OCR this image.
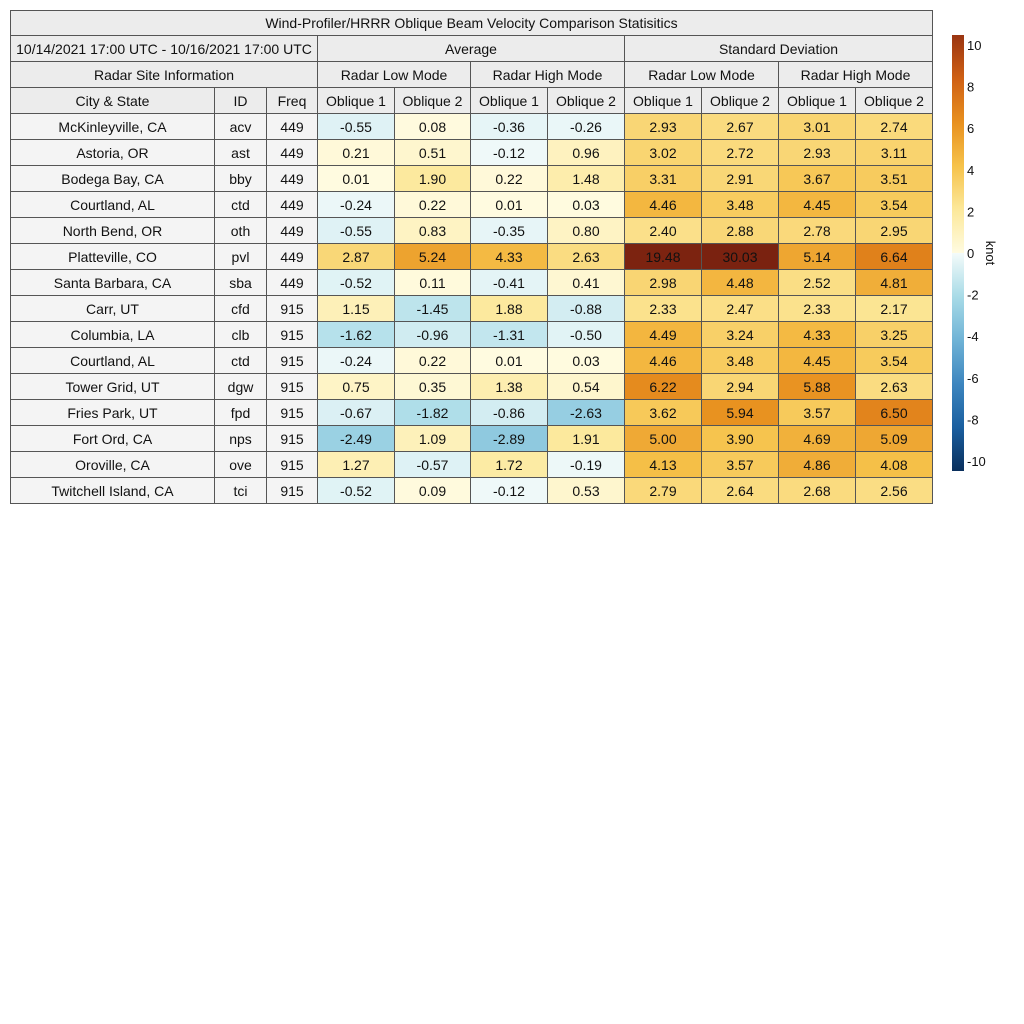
Wind-Profiler/HRRR Oblique Beam Velocity Comparison Statisitics										
10/14/2021 17:00 UTC - 10/16/2021 17:00 UTC			Average				Standard Deviation			
Radar Site Information										
			Radar Low Mode		Radar High Mode		Radar Low Mode		Radar High Mode	
City & State	ID	Freq	Oblique 1	Oblique 2	Oblique 1	Oblique 2	Oblique 1	Oblique 2	Oblique 1	Oblique 2
McKinleyville, CA	acv	449	-0.55	0.08	-0.36	-0.26	2.93	2.67	3.01	2.74
Astoria, OR	ast	449	0.21	0.51	-0.12	0.96	3.02	2.72	2.93	3.11
Bodega Bay, CA	bby	449	0.01	1.90	0.22	1.48	3.31	2.91	3.67	3.51
Courtland, AL	ctd	449	-0.24	0.22	0.01	0.03	4.46	3.48	4.45	3.54
North Bend, OR	oth	449	-0.55	0.83	-0.35	0.80	2.40	2.88	2.78	2.95
Platteville, CO	pvl	449	2.87	5.24	4.33	2.63	19.48	30.03	5.14	6.64
Santa Barbara, CA	sba	449	-0.52	0.11	-0.41	0.41	2.98	4.48	2.52	4.81
Carr, UT	cfd	915	1.15	-1.45	1.88	-0.88	2.33	2.47	2.33	2.17
Columbia, LA	clb	915	-1.62	-0.96	-1.31	-0.50	4.49	3.24	4.33	3.25
Courtland, AL	ctd	915	-0.24	0.22	0.01	0.03	4.46	3.48	4.45	3.54
Tower Grid, UT	dgw	915	0.75	0.35	1.38	0.54	6.22	2.94	5.88	2.63
Fries Park, UT	fpd	915	-0.67	-1.82	-0.86	-2.63	3.62	5.94	3.57	6.50
Fort Ord, CA	nps	915	-2.49	1.09	-2.89	1.91	5.00	3.90	4.69	5.09
Oroville, CA	ove	915	1.27	-0.57	1.72	-0.19	4.13	3.57	4.86	4.08
Twitchell Island, CA	tci	915	-0.52	0.09	-0.12	0.53	2.79	2.64	2.68	2.56
10
8
6
4
2
0
-2
-4
-6
-8
-10
knot
